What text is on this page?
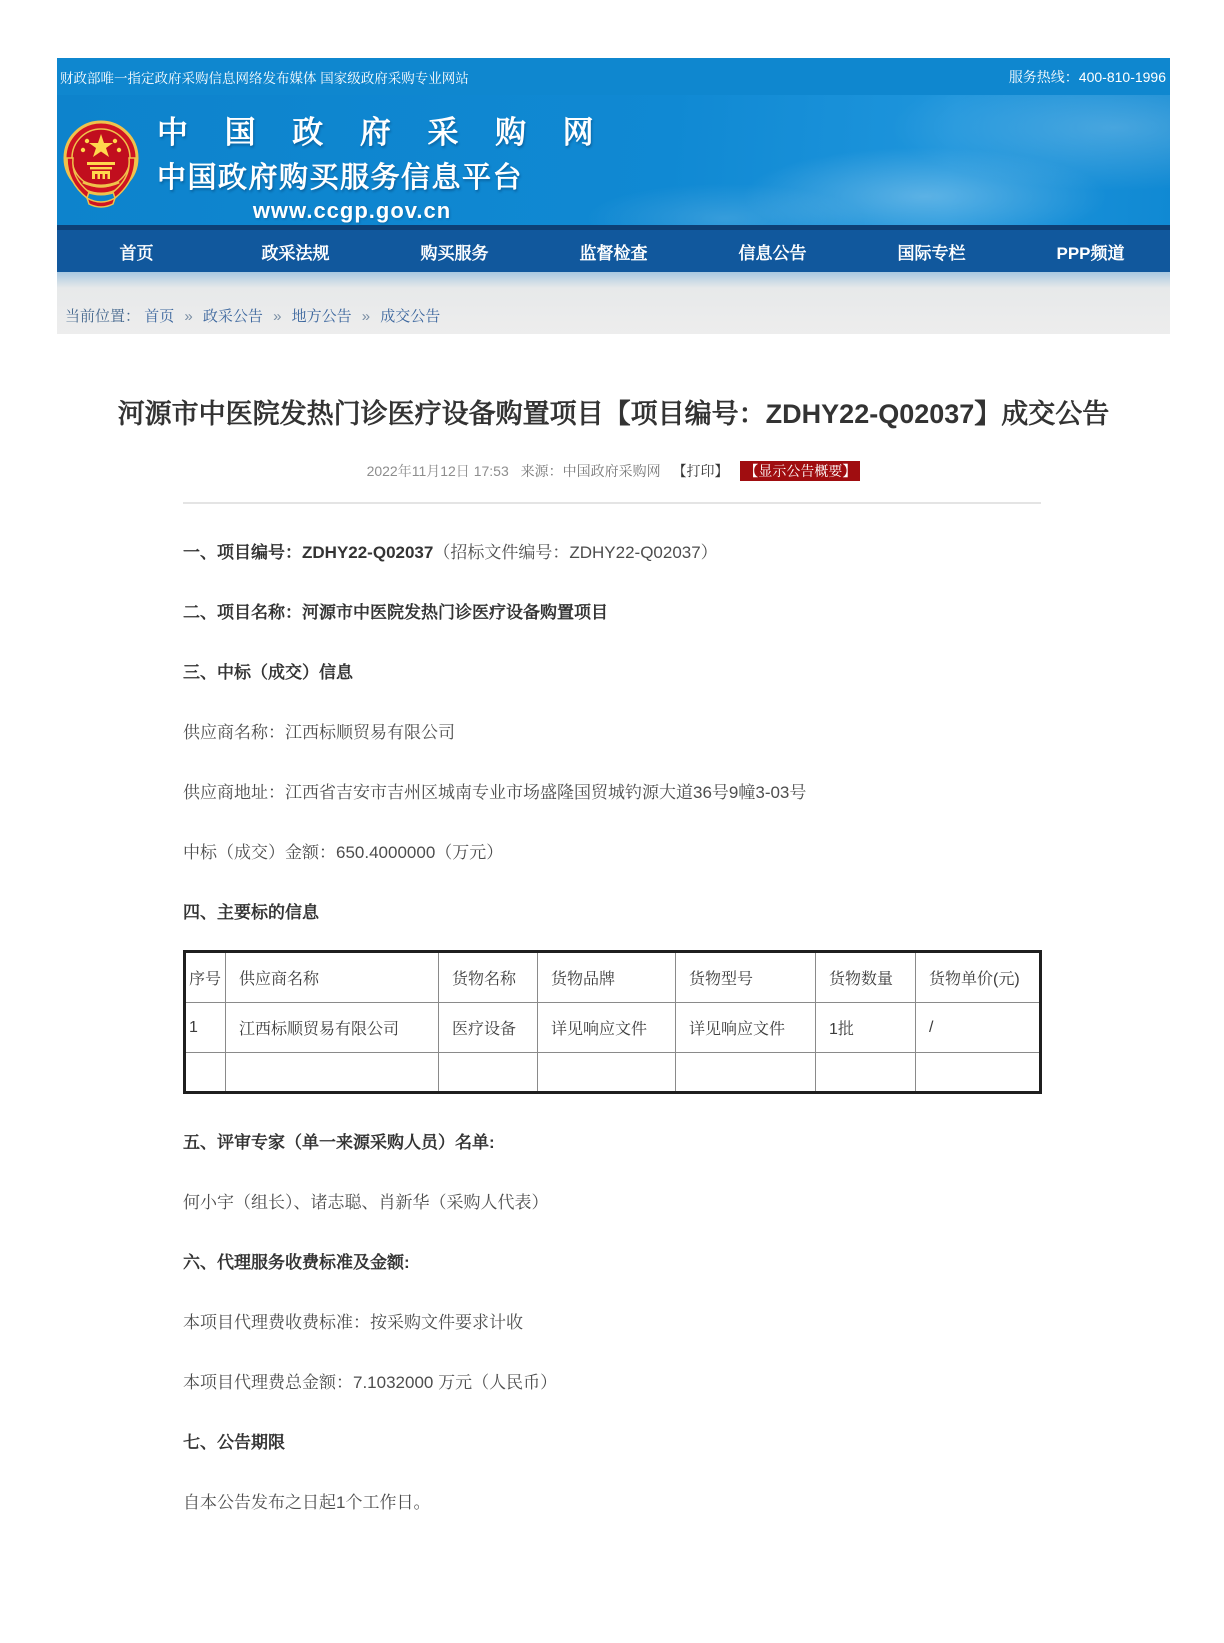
财政部唯一指定政府采购信息网络发布媒体 国家级政府采购专业网站	服务热线：400-810-1996
中 国 政 府 采 购 网
中国政府购买服务信息平台
www.ccgp.gov.cn
首页	政采法规	购买服务	监督检查	信息公告	国际专栏	PPP频道
当前位置： 首页 » 政采公告 » 地方公告 » 成交公告
河源市中医院发热门诊医疗设备购置项目【项目编号：ZDHY22-Q02037】成交公告
2022年11月12日 17:53 来源：中国政府采购网 【打印】 【显示公告概要】

一、项目编号：ZDHY22-Q02037（招标文件编号：ZDHY22-Q02037）

二、项目名称：河源市中医院发热门诊医疗设备购置项目

三、中标（成交）信息

供应商名称：江西标顺贸易有限公司

供应商地址：江西省吉安市吉州区城南专业市场盛隆国贸城钓源大道36号9幢3-03号

中标（成交）金额：650.4000000（万元）

四、主要标的信息

序号	供应商名称	货物名称	货物品牌	货物型号	货物数量	货物单价(元)
1	江西标顺贸易有限公司	医疗设备	详见响应文件	详见响应文件	1批	/

五、评审专家（单一来源采购人员）名单:

何小宇（组长）、诸志聪、肖新华（采购人代表）

六、代理服务收费标准及金额:

本项目代理费收费标准：按采购文件要求计收

本项目代理费总金额：7.1032000 万元（人民币）

七、公告期限

自本公告发布之日起1个工作日。
